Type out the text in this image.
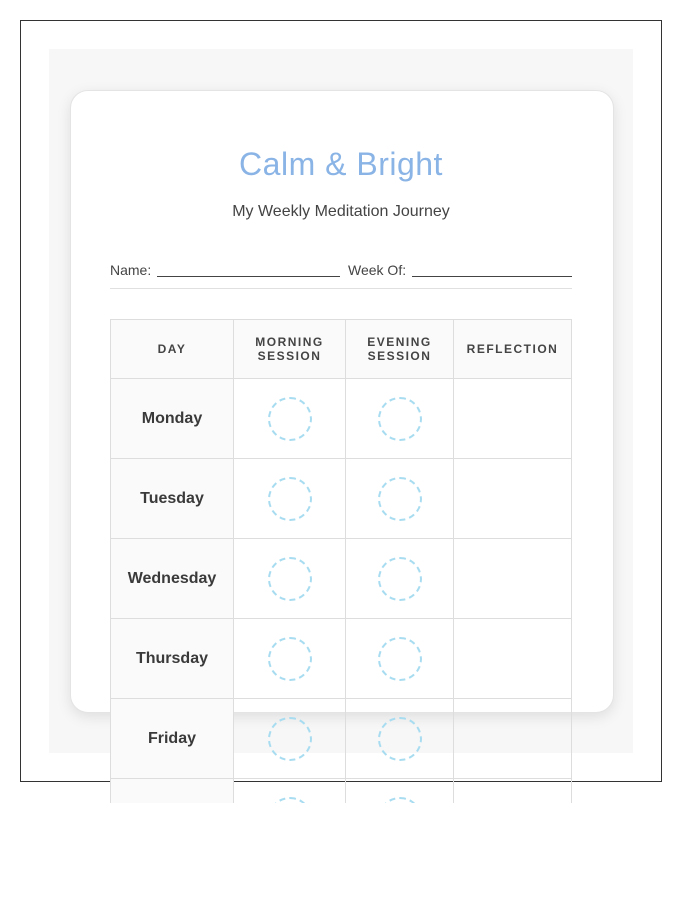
Calm & Bright
My Weekly Meditation Journey
Name:	Week Of:
DAY	MORNING SESSION	EVENING SESSION	REFLECTION
Monday			
Tuesday			
Wednesday			
Thursday			
Friday			
